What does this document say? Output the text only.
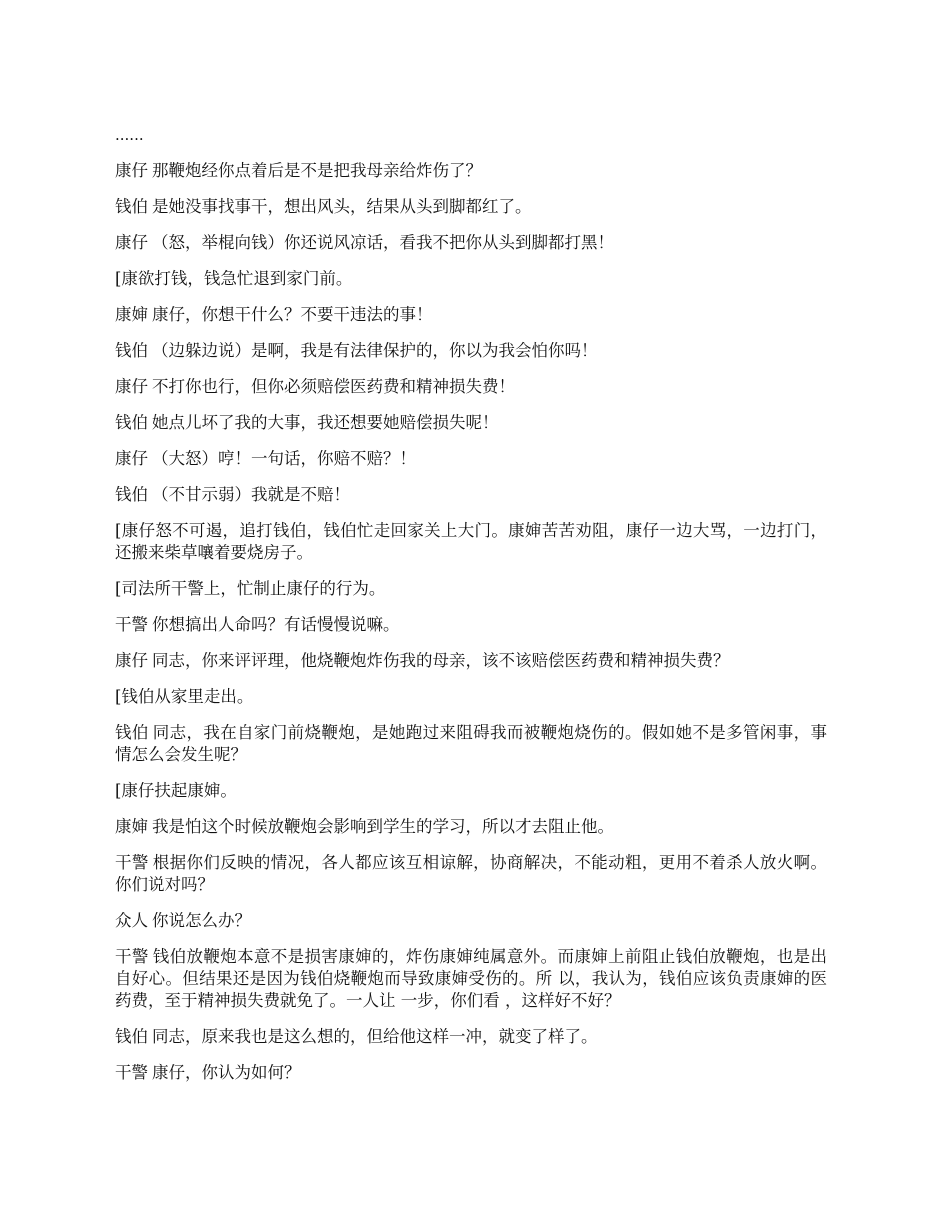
......

康仔 那鞭炮经你点着后是不是把我母亲给炸伤了？

钱伯 是她没事找事干，想出风头，结果从头到脚都红了。

康仔 （怒，举棍向钱）你还说风凉话，看我不把你从头到脚都打黑！

[康欲打钱，钱急忙退到家门前。

康婶 康仔，你想干什么？不要干违法的事！

钱伯 （边躲边说）是啊，我是有法律保护的，你以为我会怕你吗！

康仔 不打你也行，但你必须赔偿医药费和精神损失费！

钱伯 她点儿坏了我的大事，我还想要她赔偿损失呢！

康仔 （大怒）哼！一句话，你赔不赔？！

钱伯 （不甘示弱）我就是不赔！

[康仔怒不可遏，追打钱伯，钱伯忙走回家关上大门。康婶苦苦劝阻，康仔一边大骂，一边打门，还搬来柴草嚷着要烧房子。

[司法所干警上，忙制止康仔的行为。

干警 你想搞出人命吗？有话慢慢说嘛。

康仔 同志，你来评评理，他烧鞭炮炸伤我的母亲，该不该赔偿医药费和精神损失费？

[钱伯从家里走出。

钱伯 同志，我在自家门前烧鞭炮，是她跑过来阻碍我而被鞭炮烧伤的。假如她不是多管闲事，事情怎么会发生呢？

[康仔扶起康婶。

康婶 我是怕这个时候放鞭炮会影响到学生的学习，所以才去阻止他。

干警 根据你们反映的情况，各人都应该互相谅解，协商解决，不能动粗，更用不着杀人放火啊。你们说对吗？

众人 你说怎么办？

干警 钱伯放鞭炮本意不是损害康婶的，炸伤康婶纯属意外。而康婶上前阻止钱伯放鞭炮，也是出自好心。但结果还是因为钱伯烧鞭炮而导致康婶受伤的。所 以，我认为，钱伯应该负责康婶的医药费，至于精神损失费就免了。一人让 一步，你们看 ，这样好不好？

钱伯 同志，原来我也是这么想的，但给他这样一冲，就变了样了。

干警 康仔，你认为如何？
